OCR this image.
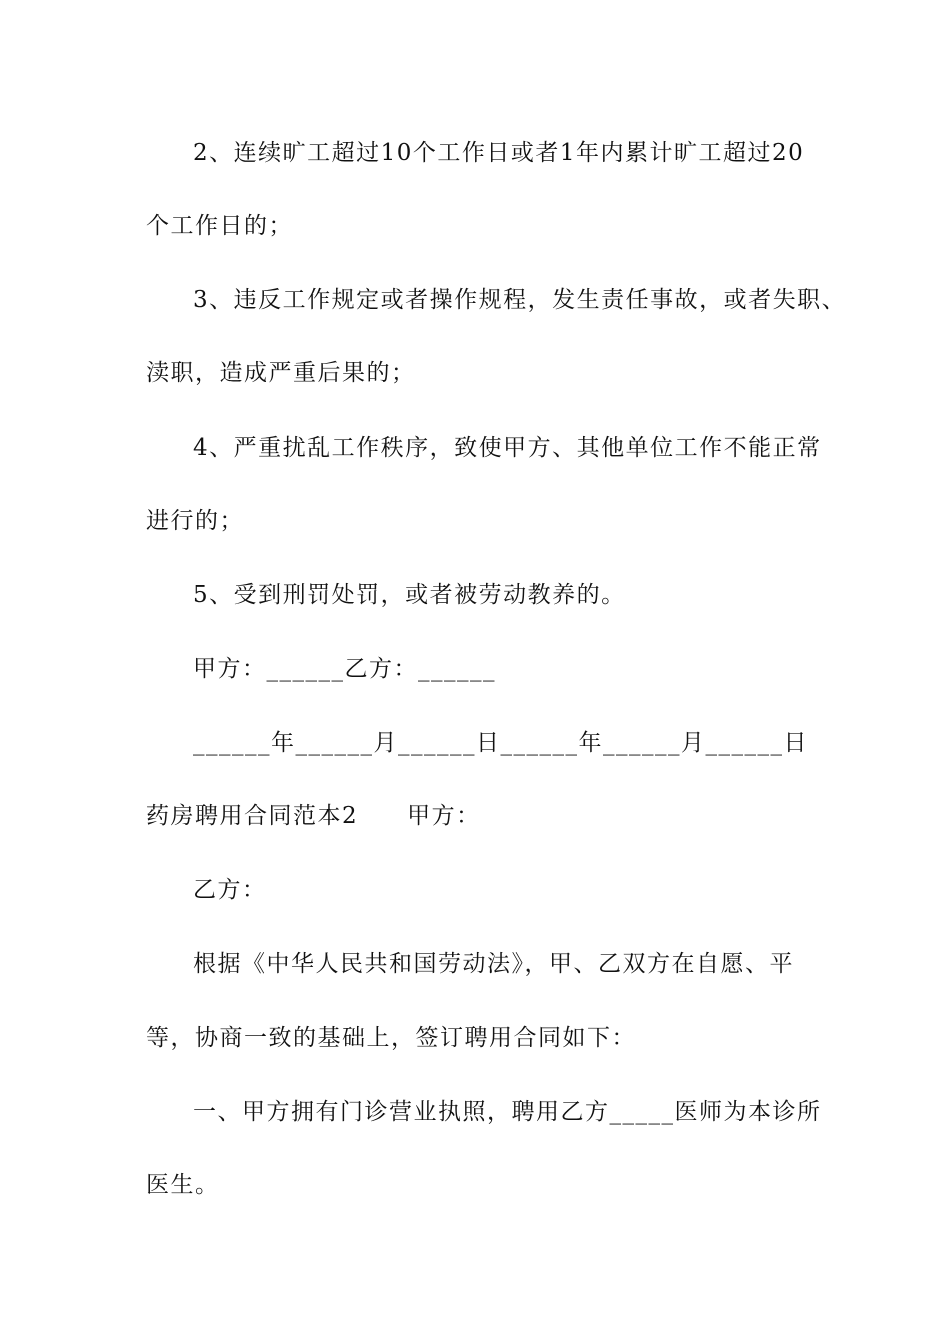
2、连续旷工超过10个工作日或者1年内累计旷工超过20
个工作日的；
3、违反工作规定或者操作规程，发生责任事故，或者失职、
渎职，造成严重后果的；
4、严重扰乱工作秩序，致使甲方、其他单位工作不能正常
进行的；
5、受到刑罚处罚，或者被劳动教养的。
甲方：______乙方：______
______年______月______日______年______月______日
药房聘用合同范本2　　甲方：
乙方：
根据《中华人民共和国劳动法》，甲、乙双方在自愿、平
等，协商一致的基础上，签订聘用合同如下：
一、甲方拥有门诊营业执照，聘用乙方_____医师为本诊所
医生。
